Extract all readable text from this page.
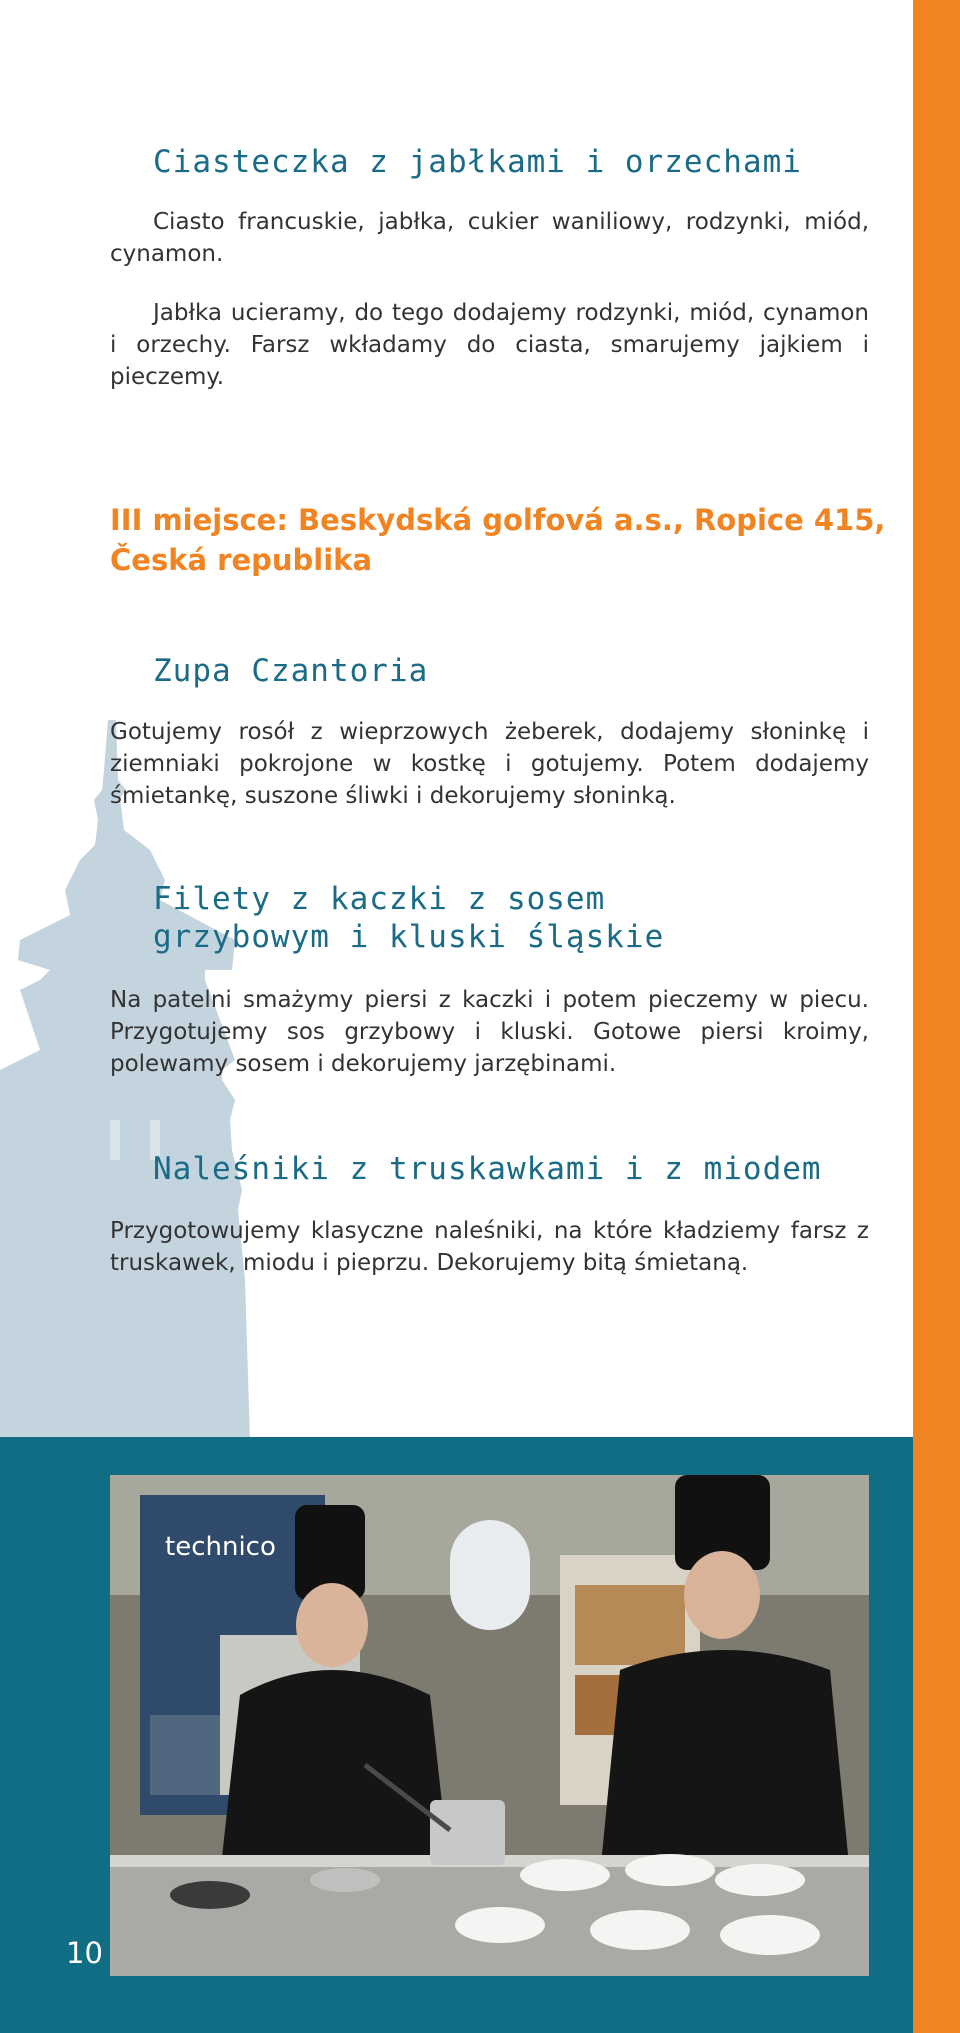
Ciasteczka z jabłkami i orzechami

Ciasto francuskie, jabłka, cukier waniliowy, rodzynki, miód, cynamon.

Jabłka ucieramy, do tego dodajemy rodzynki, miód, cynamon i orzechy. Farsz wkładamy do ciasta, smarujemy jajkiem i pieczemy.

III miejsce: Beskydská golfová a.s., Ropice 415, Česká republika
Zupa Czantoria

Gotujemy rosół z wieprzowych żeberek, dodajemy słoninkę i ziemniaki pokrojone w kostkę i gotujemy. Potem dodajemy śmietankę, suszone śliwki i dekorujemy słoninką.

Filety z kaczki z sosem
grzybowym i kluski śląskie

Na patelni smażymy piersi z kaczki i potem pieczemy w piecu. Przygotujemy sos grzybowy i kluski. Gotowe piersi kroimy, polewamy sosem i dekorujemy jarzębinami.

Naleśniki z truskawkami i z miodem

Przygotowujemy klasyczne naleśniki, na które kładziemy farsz z truskawek, miodu i pieprzu. Dekorujemy bitą śmietaną.

technico

10
